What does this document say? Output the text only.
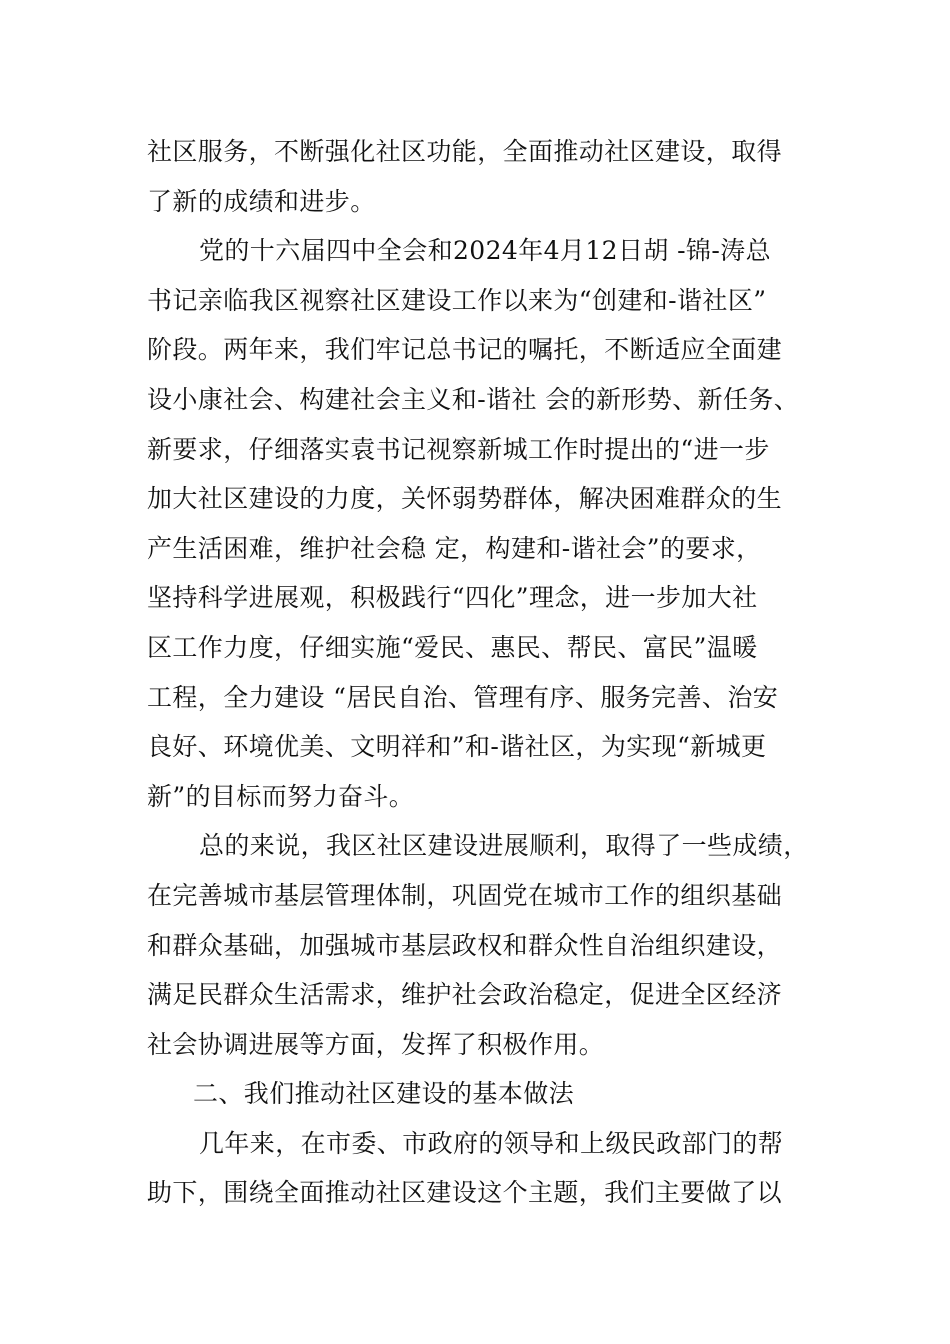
社区服务，不断强化社区功能，全面推动社区建设，取得
了新的成绩和进步。
党的十六届四中全会和2024年4月12日胡 -锦-涛总
书记亲临我区视察社区建设工作以来为“创建和-谐社区”
阶段。两年来，我们牢记总书记的嘱托，不断适应全面建
设小康社会、构建社会主义和-谐社 会的新形势、新任务、
新要求，仔细落实袁书记视察新城工作时提出的“进一步
加大社区建设的力度，关怀弱势群体，解决困难群众的生
产生活困难，维护社会稳 定，构建和-谐社会”的要求，
坚持科学进展观，积极践行“四化”理念，进一步加大社
区工作力度，仔细实施“爱民、惠民、帮民、富民”温暖
工程，全力建设 “居民自治、管理有序、服务完善、治安
良好、环境优美、文明祥和”和-谐社区，为实现“新城更
新”的目标而努力奋斗。
总的来说，我区社区建设进展顺利，取得了一些成绩，
在完善城市基层管理体制，巩固党在城市工作的组织基础
和群众基础，加强城市基层政权和群众性自治组织建设，
满足民群众生活需求，维护社会政治稳定，促进全区经济
社会协调进展等方面，发挥了积极作用。
二、我们推动社区建设的基本做法
几年来，在市委、市政府的领导和上级民政部门的帮
助下，围绕全面推动社区建设这个主题，我们主要做了以
